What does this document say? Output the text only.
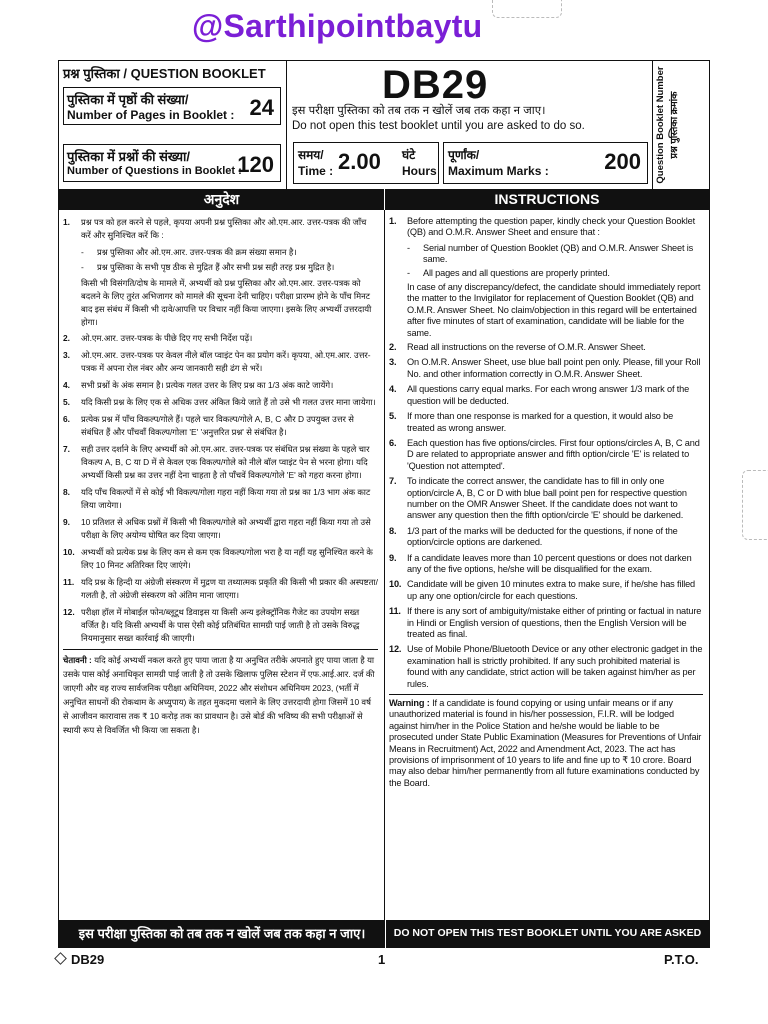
@Sarthipointbaytu
प्रश्न पुस्तिका / QUESTION BOOKLET
पुस्तिका में पृष्ठों की संख्या/
Number of Pages in Booklet : 24
पुस्तिका में प्रश्नों की संख्या/
Number of Questions in Booklet :
120
DB29
इस परीक्षा पुस्तिका को तब तक न खोलें जब तक कहा न जाए।
Do not open this test booklet until you are asked to do so.
समय/
Time : 2.00 घंटे
Hours
पूर्णांक/
Maximum Marks :	200 Question Booklet Number प्रश्न पुस्तिका क्रमांक
अनुदेश	INSTRUCTIONS
1.	प्रश्न पत्र को हल करने से पहले, कृपया अपनी प्रश्न पुस्तिका और ओ.एम.आर. उत्तर-पत्रक की जाँच करें और सुनिश्चित करें कि :
-	प्रश्न पुस्तिका और ओ.एम.आर. उत्तर-पत्रक की क्रम संख्या समान है।
-	प्रश्न पुस्तिका के सभी पृष्ठ ठीक से मुद्रित हैं और सभी प्रश्न सही तरह प्रश्न मुद्रित है।
किसी भी विसंगति/दोष के मामले में, अभ्यर्थी को प्रश्न पुस्तिका और ओ.एम.आर. उत्तर-पत्रक को बदलने के लिए तुरंत अभिजागर को मामले की सूचना देनी चाहिए। परीक्षा प्रारम्भ होने के पाँच मिनट बाद इस संबंध में किसी भी दावे/आपत्ति पर विचार नहीं किया जाएगा। इसके लिए अभ्यर्थी उत्तरदायी होगा।
2.	ओ.एम.आर. उत्तर-पत्रक के पीछे दिए गए सभी निर्देश पढ़ें।
3.	ओ.एम.आर. उत्तर-पत्रक पर केवल नीले बॉल प्वाइंट पेन का प्रयोग करें। कृपया, ओ.एम.आर. उत्तर-पत्रक में अपना रोल नंबर और अन्य जानकारी सही ढंग से भरें।
4.	सभी प्रश्नों के अंक समान है। प्रत्येक गलत उत्तर के लिए प्रश्न का 1/3 अंक काटे जायेंगे।
5.	यदि किसी प्रश्न के लिए एक से अधिक उत्तर अंकित किये जाते हैं तो उसे भी गलत उत्तर माना जायेगा।
6.	प्रत्येक प्रश्न में पाँच विकल्प/गोले हैं। पहले चार विकल्प/गोले A, B, C और D उपयुक्त उत्तर से संबंधित हैं और पाँचवाँ विकल्प/गोला 'E' 'अनुत्तरित प्रश्न' से संबंधित है।
7.	सही उत्तर दर्शाने के लिए अभ्यर्थी को ओ.एम.आर. उत्तर-पत्रक पर संबंधित प्रश्न संख्या के पहले चार विकल्प A, B, C या D में से केवल एक विकल्प/गोले को नीले बॉल प्वाइंट पेन से भरना होगा। यदि अभ्यर्थी किसी प्रश्न का उत्तर नहीं देना चाहता है तो पाँचवें विकल्प/गोले 'E' को गहरा करना होगा।
8.	यदि पाँच विकल्पों में से कोई भी विकल्प/गोला गहरा नहीं किया गया तो प्रश्न का 1/3 भाग अंक काट लिया जायेगा।
9.	10 प्रतिशत से अधिक प्रश्नों में किसी भी विकल्प/गोले को अभ्यर्थी द्वारा गहरा नहीं किया गया तो उसे परीक्षा के लिए अयोग्य घोषित कर दिया जाएगा।
10. अभ्यर्थी को प्रत्येक प्रश्न के लिए कम से कम एक विकल्प/गोला भरा है या नहीं यह सुनिश्चित करने के लिए 10 मिनट अतिरिक्त दिए जाएंगे।
11. यदि प्रश्न के हिन्दी या अंग्रेजी संस्करण में मुद्रण या तथ्यात्मक प्रकृति की किसी भी प्रकार की अस्पष्टता/गलती है, तो अंग्रेजी संस्करण को अंतिम माना जाएगा।
12. परीक्षा हॉल में मोबाईल फोन/ब्लूटूथ डिवाइस या किसी अन्य इलेक्ट्रॉनिक गैजेट का उपयोग सख्त वर्जित है। यदि किसी अभ्यर्थी के पास ऐसी कोई प्रतिबंधित सामग्री पाई जाती है तो उसके विरुद्ध नियमानुसार सख्त कार्रवाई की जाएगी।
चेतावनी : यदि कोई अभ्यर्थी नकल करते हुए पाया जाता है या अनुचित तरीके अपनाते हुए पाया जाता है या उसके पास कोई अनाधिकृत सामग्री पाई जाती है तो उसके खिलाफ पुलिस स्टेशन में एफ.आई.आर. दर्ज की जाएगी और वह राज्य सार्वजनिक परीक्षा अधिनियम, 2022 और संशोधन अधिनियम 2023, (भर्ती में अनुचित साधनों की रोकथाम के अध्युपाय) के तहत मुकदमा चलाने के लिए उत्तरदायी होगा जिसमें 10 वर्ष से आजीवन कारावास तक ₹ 10 करोड़ तक का प्रावधान है। उसे बोर्ड की भविष्य की सभी परीक्षाओं से स्थायी रूप से विवर्जित भी किया जा सकता है।
1.	Before attempting the question paper, kindly check your Question Booklet (QB) and O.M.R. Answer Sheet and ensure that :
-	Serial number of Question Booklet (QB) and O.M.R. Answer Sheet is same.
-	All pages and all questions are properly printed.
In case of any discrepancy/defect, the candidate should immediately report the matter to the Invigilator for replacement of Question Booklet (QB) and O.M.R. Answer Sheet. No claim/objection in this regard will be entertained after five minutes of start of examination, candidate will be liable for the same.
2.	Read all instructions on the reverse of O.M.R. Answer Sheet.
3.	On O.M.R. Answer Sheet, use blue ball point pen only. Please, fill your Roll No. and other information correctly in O.M.R. Answer Sheet.
4.	All questions carry equal marks. For each wrong answer 1/3 mark of the question will be deducted.
5.	If more than one response is marked for a question, it would also be treated as wrong answer.
6.	Each question has five options/circles. First four options/circles A, B, C and D are related to appropriate answer and fifth option/circle 'E' is related to 'Question not attempted'.
7.	To indicate the correct answer, the candidate has to fill in only one option/circle A, B, C or D with blue ball point pen for respective question number on the OMR Answer Sheet. If the candidate does not want to answer any question then the fifth option/circle 'E' should be darkened.
8.	1/3 part of the marks will be deducted for the questions, if none of the option/circle options are darkened.
9.	If a candidate leaves more than 10 percent questions or does not darken any of the five options, he/she will be disqualified for the exam.
10. Candidate will be given 10 minutes extra to make sure, if he/she has filled up any one option/circle for each questions.
11. If there is any sort of ambiguity/mistake either of printing or factual in nature in Hindi or English version of questions, then the English Version will be treated as final.
12. Use of Mobile Phone/Bluetooth Device or any other electronic gadget in the examination hall is strictly prohibited. If any such prohibited material is found with any candidate, strict action will be taken against him/her as per rules.
Warning : If a candidate is found copying or using unfair means or if any unauthorized material is found in his/her possession, F.I.R. will be lodged against him/her in the Police Station and he/she would be liable to be prosecuted under State Public Examination (Measures for Preventions of Unfair Means in Recruitment) Act, 2022 and Amendment Act, 2023. The act has provisions of imprisonment of 10 years to life and fine up to ₹ 10 crore. Board may also debar him/her permanently from all future examinations conducted by the Board.
इस परीक्षा पुस्तिका को तब तक न खोलें जब तक कहा न जाए।	DO NOT OPEN THIS TEST BOOKLET UNTIL YOU ARE ASKED TO DO SO.
DB29	1	P.T.O.
